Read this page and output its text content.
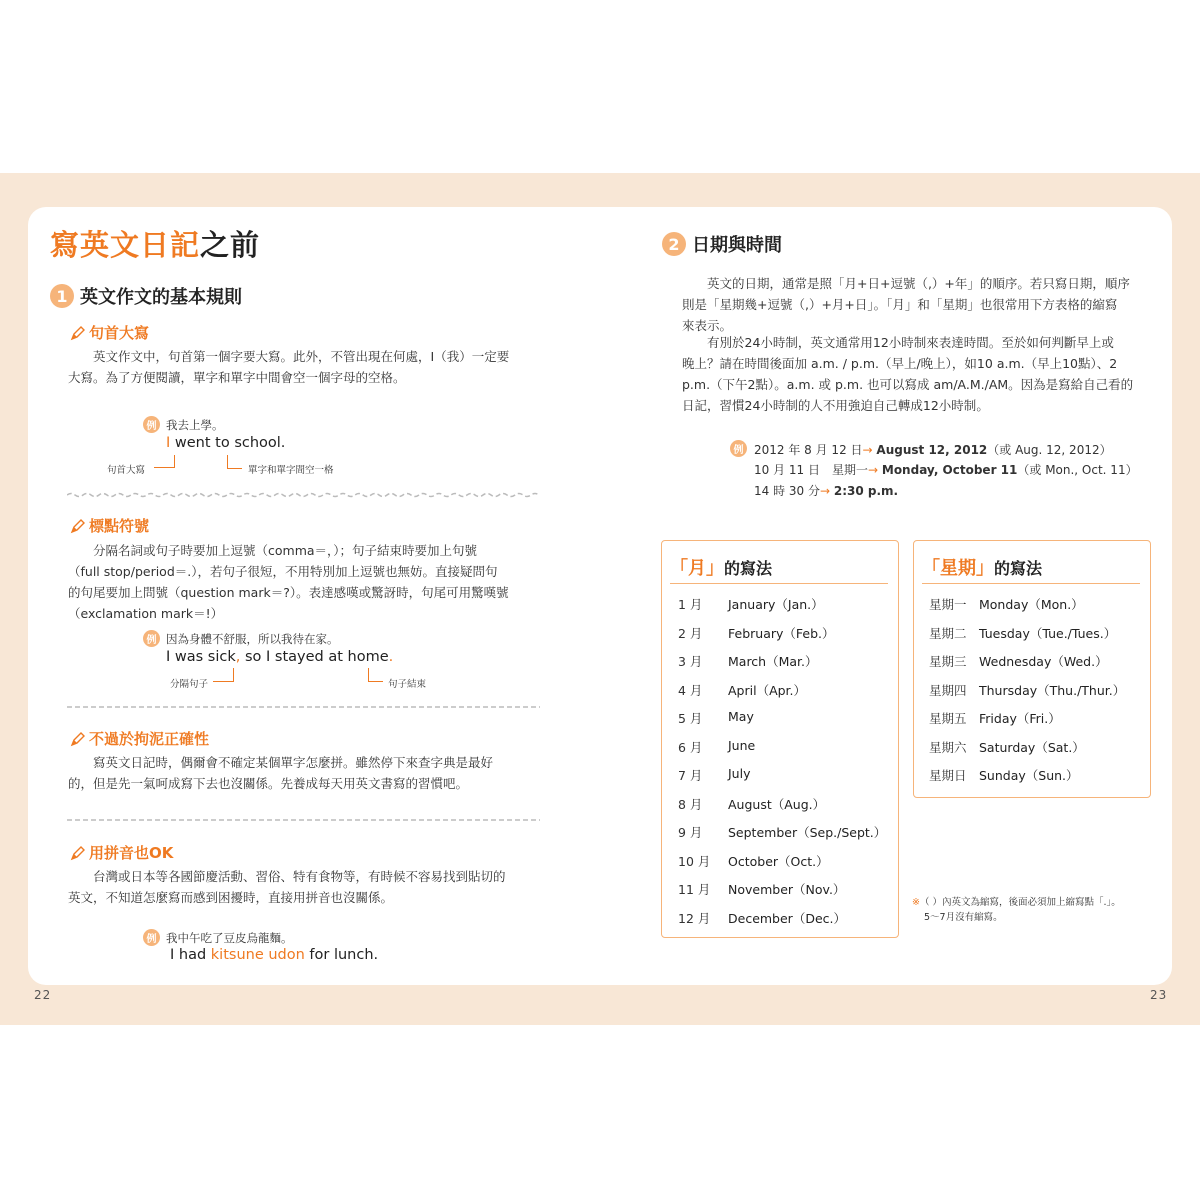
22	23
寫英文日記之前
1 英文作文的基本規則
句首大寫
英文作文中，句首第一個字要大寫。此外，不管出現在何處，I（我）一定要
大寫。為了方便閱讀，單字和單字中間會空一個字母的空格。
例 我去上學。
I went to school.
句首大寫	單字和單字間空一格
標點符號
分隔名詞或句子時要加上逗號（comma＝，）；句子結束時要加上句號
（full stop/period＝.），若句子很短，不用特別加上逗號也無妨。直接疑問句
的句尾要加上問號（question mark＝?）。表達感嘆或驚訝時，句尾可用驚嘆號
（exclamation mark＝!）
例 因為身體不舒服，所以我待在家。
I was sick, so I stayed at home.
分隔句子	句子結束
不過於拘泥正確性
寫英文日記時，偶爾會不確定某個單字怎麼拼。雖然停下來查字典是最好
的，但是先一氣呵成寫下去也沒關係。先養成每天用英文書寫的習慣吧。
用拼音也OK
台灣或日本等各國節慶活動、習俗、特有食物等，有時候不容易找到貼切的
英文，不知道怎麼寫而感到困擾時，直接用拼音也沒關係。
例 我中午吃了豆皮烏龍麵。
I had kitsune udon for lunch.
2 日期與時間
英文的日期，通常是照「月+日+逗號（,）+年」的順序。若只寫日期，順序
則是「星期幾+逗號（,）+月+日」。「月」和「星期」也很常用下方表格的縮寫
來表示。
有別於24小時制，英文通常用12小時制來表達時間。至於如何判斷早上或
晚上？請在時間後面加 a.m. / p.m.（早上/晚上），如10 a.m.（早上10點）、2
p.m.（下午2點）。a.m. 或 p.m. 也可以寫成 am/A.M./AM。因為是寫給自己看的
日記，習慣24小時制的人不用強迫自己轉成12小時制。
例 2012 年 8 月 12 日→ August 12, 2012（或 Aug. 12, 2012）
10 月 11 日　星期一→ Monday, October 11（或 Mon., Oct. 11）
14 時 30 分→ 2:30 p.m.
「 月 」 的寫法
1 月	January（Jan.）
2 月	February（Feb.）
3 月	March（Mar.）
4 月	April（Apr.）
5 月	May
6 月	June
7 月	July
8 月	August（Aug.）
9 月	September（Sep./Sept.）
10 月	October（Oct.）
11 月	November（Nov.）
12 月	December（Dec.）
「 星期 」 的寫法
星期一 Monday（Mon.）
星期二 Tuesday（Tue./Tues.）
星期三 Wednesday（Wed.）
星期四 Thursday（Thu./Thur.）
星期五 Friday（Fri.）
星期六 Saturday（Sat.）
星期日 Sunday（Sun.）
※（ ）內英文為縮寫，後面必須加上縮寫點「.」。
5～7月沒有縮寫。
